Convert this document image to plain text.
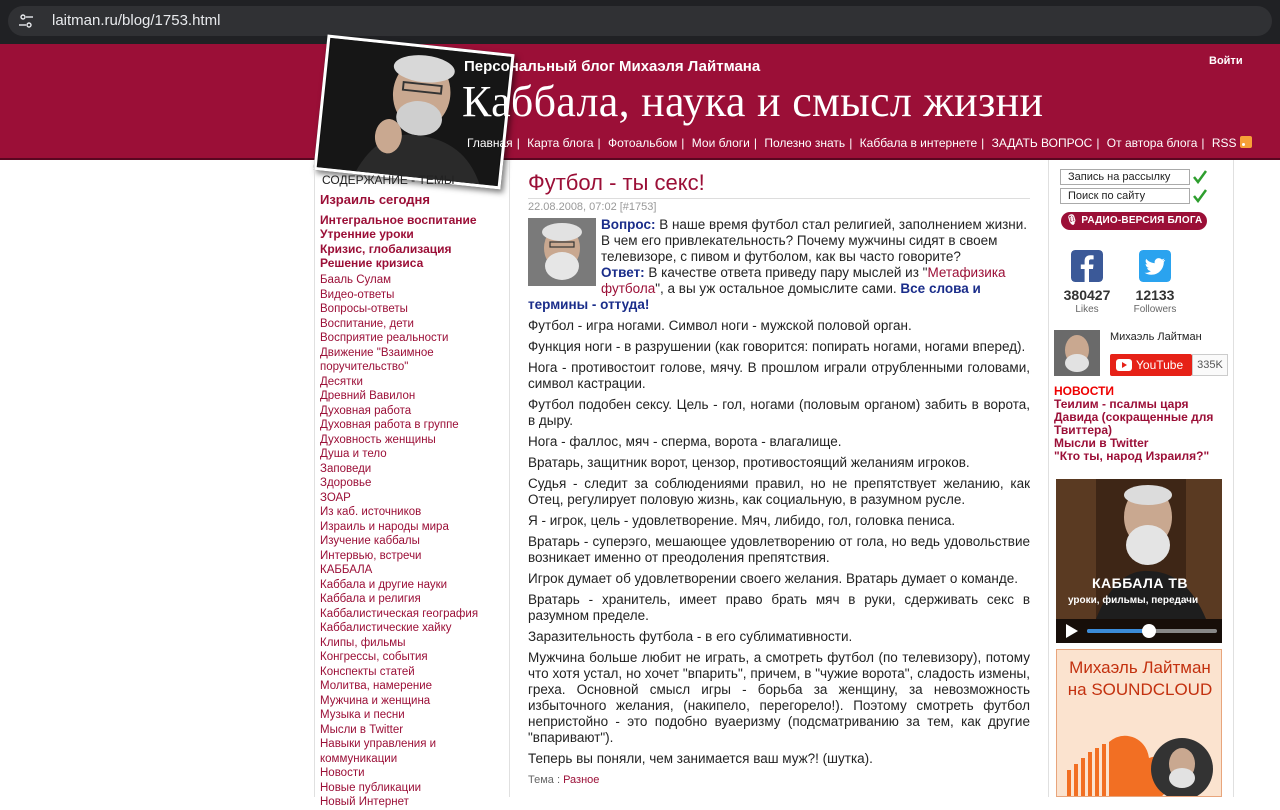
laitman.ru/blog/1753.html
Персональный блог Михаэля Лайтмана
Каббала, наука и смысл жизни
Войти
Главная | Карта блога | Фотоальбом | Мои блоги | Полезно знать | Каббала в интернете | ЗАДАТЬ ВОПРОС | От автора блога | RSS
СОДЕРЖАНИЕ - ТЕМЫ
Израиль сегодня
Интегральное воспитание
Утренние уроки
Кризис, глобализация
Решение кризиса
Бааль Сулам
Видео-ответы
Вопросы-ответы
Воспитание, дети
Восприятие реальности
Движение "Взаимное поручительство"
Десятки
Древний Вавилон
Духовная работа
Духовная работа в группе
Духовность женщины
Душа и тело
Заповеди
Здоровье
ЗОАР
Из каб. источников
Израиль и народы мира
Изучение каббалы
Интервью, встречи
КАББАЛА
Каббала и другие науки
Каббала и религия
Каббалистическая география
Каббалистические хайку
Клипы, фильмы
Конгрессы, события
Конспекты статей
Молитва, намерение
Мужчина и женщина
Музыка и песни
Мысли в Twitter
Навыки управления и коммуникации
Новости
Новые публикации
Новый Интернет
Футбол - ты секс!
22.08.2008, 07:02 [#1753]
Вопрос: В наше время футбол стал религией, заполнением жизни. В чем его привлекательность? Почему мужчины сидят в своем телевизоре, с пивом и футболом, как вы часто говорите?
Ответ: В качестве ответа приведу пару мыслей из "Метафизика футбола", а вы уж остальное домыслите сами. Все слова и термины - оттуда!

Футбол - игра ногами. Символ ноги - мужской половой орган.

Функция ноги - в разрушении (как говорится: попирать ногами, ногами вперед).

Нога - противостоит голове, мячу. В прошлом играли отрубленными головами, символ кастрации.

Футбол подобен сексу. Цель - гол, ногами (половым органом) забить в ворота, в дыру.

Нога - фаллос, мяч - сперма, ворота - влагалище.

Вратарь, защитник ворот, цензор, противостоящий желаниям игроков.

Судья - следит за соблюдениями правил, но не препятствует желанию, как Отец, регулирует половую жизнь, как социальную, в разумном русле.

Я - игрок, цель - удовлетворение. Мяч, либидо, гол, головка пениса.

Вратарь - суперэго, мешающее удовлетворению от гола, но ведь удовольствие возникает именно от преодоления препятствия.

Игрок думает об удовлетворении своего желания. Вратарь думает о команде.

Вратарь - хранитель, имеет право брать мяч в руки, сдерживать секс в разумном пределе.

Заразительность футбола - в его сублимативности.

Мужчина больше любит не играть, а смотреть футбол (по телевизору), потому что хотя устал, но хочет "впарить", причем, в "чужие ворота", сладость измены, греха. Основной смысл игры - борьба за женщину, за невозможность избыточного желания, (накипело, перегорело!). Поэтому смотреть футбол непристойно - это подобно вуаеризму (подсматриванию за тем, как другие "впаривают").

Теперь вы поняли, чем занимается ваш муж?! (шутка).

Тема : Разное
Запись на рассылку
Поиск по сайту
🎙 РАДИО-ВЕРСИЯ БЛОГА
380427
Likes
12133
Followers
Михаэль Лайтман
YouTube	335K
НОВОСТИ
Теилим - псалмы царя Давида (сокращенные для Твиттера)
Мысли в Twitter
"Кто ты, народ Израиля?"
КАББАЛА ТВ
уроки, фильмы, передачи
Михаэль Лайтман
на SOUNDCLOUD
